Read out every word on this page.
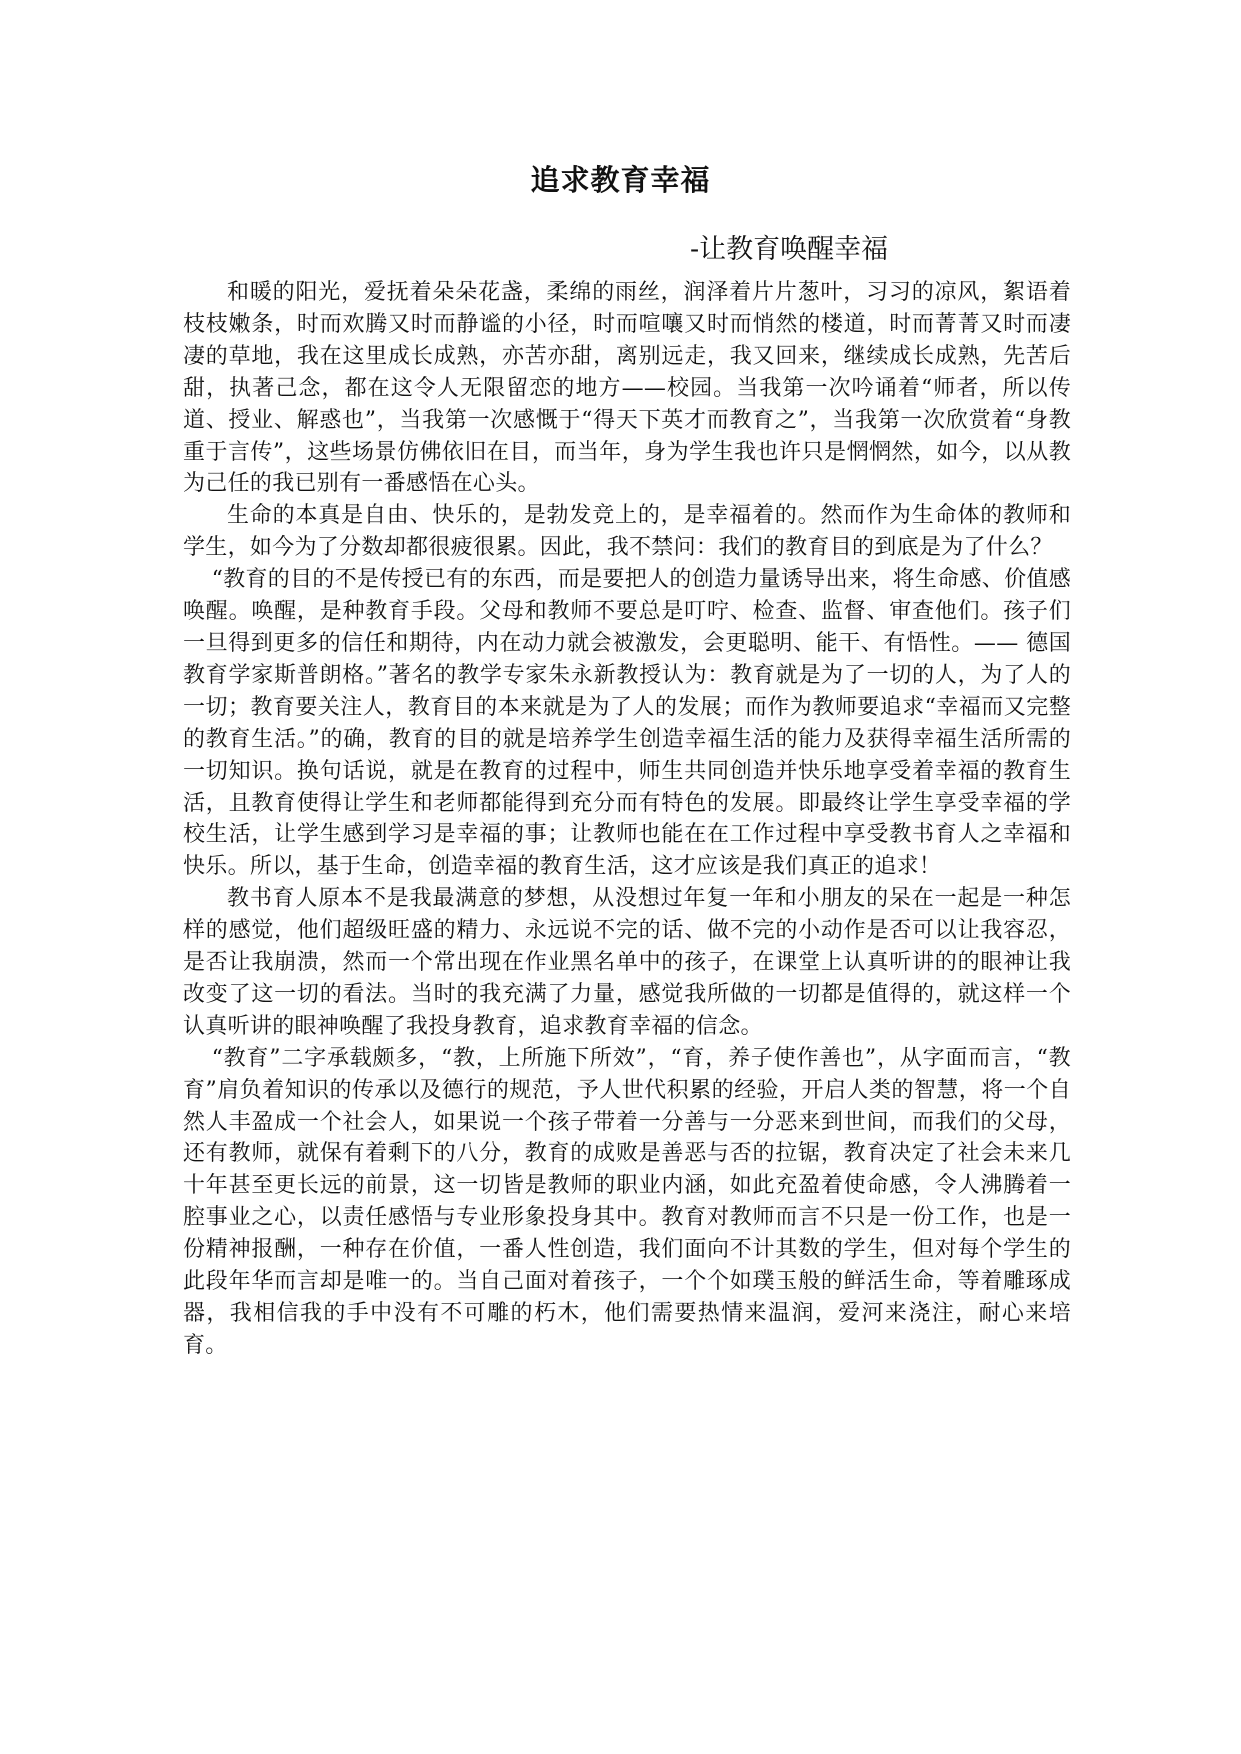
追求教育幸福

-让教育唤醒幸福

和暖的阳光，爱抚着朵朵花盏，柔绵的雨丝，润泽着片片葱叶，习习的凉风，絮语着枝枝嫩条，时而欢腾又时而静谧的小径，时而喧嚷又时而悄然的楼道，时而菁菁又时而凄凄的草地，我在这里成长成熟，亦苦亦甜，离别远走，我又回来，继续成长成熟，先苦后甜，执著己念，都在这令人无限留恋的地方——校园。当我第一次吟诵着“师者，所以传道、授业、解惑也”，当我第一次感慨于“得天下英才而教育之”，当我第一次欣赏着“身教重于言传”，这些场景仿佛依旧在目，而当年，身为学生我也许只是惘惘然，如今，以从教为己任的我已别有一番感悟在心头。

生命的本真是自由、快乐的，是勃发竞上的，是幸福着的。然而作为生命体的教师和学生，如今为了分数却都很疲很累。因此，我不禁问：我们的教育目的到底是为了什么？

“教育的目的不是传授已有的东西，而是要把人的创造力量诱导出来，将生命感、价值感唤醒。唤醒，是种教育手段。父母和教师不要总是叮咛、检查、监督、审查他们。孩子们一旦得到更多的信任和期待，内在动力就会被激发，会更聪明、能干、有悟性。—— 德国教育学家斯普朗格。”著名的教学专家朱永新教授认为：教育就是为了一切的人，为了人的一切；教育要关注人，教育目的本来就是为了人的发展；而作为教师要追求“幸福而又完整的教育生活。”的确，教育的目的就是培养学生创造幸福生活的能力及获得幸福生活所需的一切知识。换句话说，就是在教育的过程中，师生共同创造并快乐地享受着幸福的教育生活，且教育使得让学生和老师都能得到充分而有特色的发展。即最终让学生享受幸福的学校生活，让学生感到学习是幸福的事；让教师也能在在工作过程中享受教书育人之幸福和快乐。所以，基于生命，创造幸福的教育生活，这才应该是我们真正的追求！

教书育人原本不是我最满意的梦想，从没想过年复一年和小朋友的呆在一起是一种怎样的感觉，他们超级旺盛的精力、永远说不完的话、做不完的小动作是否可以让我容忍，是否让我崩溃，然而一个常出现在作业黑名单中的孩子，在课堂上认真听讲的的眼神让我改变了这一切的看法。当时的我充满了力量，感觉我所做的一切都是值得的，就这样一个认真听讲的眼神唤醒了我投身教育，追求教育幸福的信念。

“教育”二字承载颇多，“教，上所施下所效”，“育，养子使作善也”，从字面而言，“教育”肩负着知识的传承以及德行的规范，予人世代积累的经验，开启人类的智慧，将一个自然人丰盈成一个社会人，如果说一个孩子带着一分善与一分恶来到世间，而我们的父母，还有教师，就保有着剩下的八分，教育的成败是善恶与否的拉锯，教育决定了社会未来几十年甚至更长远的前景，这一切皆是教师的职业内涵，如此充盈着使命感，令人沸腾着一腔事业之心，以责任感悟与专业形象投身其中。教育对教师而言不只是一份工作，也是一份精神报酬，一种存在价值，一番人性创造，我们面向不计其数的学生，但对每个学生的此段年华而言却是唯一的。当自己面对着孩子，一个个如璞玉般的鲜活生命，等着雕琢成器，我相信我的手中没有不可雕的朽木，他们需要热情来温润，爱河来浇注，耐心来培育。
